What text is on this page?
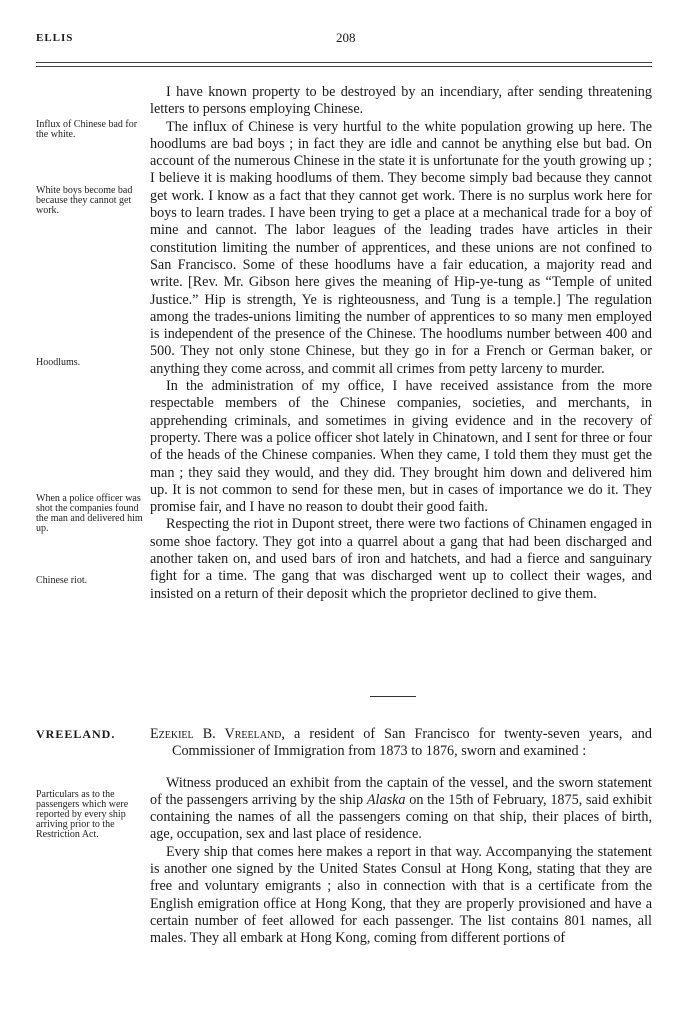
ELLIS	208
Influx of Chinese bad for the white.
White boys become bad because they cannot get work.
Hoodlums.
When a police officer was shot the companies found the man and delivered him up.
Chinese riot.
Particulars as to the passengers which were reported by every ship arriving prior to the Restriction Act.

I have known property to be destroyed by an incendiary, after sending threatening letters to persons employing Chinese.

The influx of Chinese is very hurtful to the white population growing up here. The hoodlums are bad boys ; in fact they are idle and cannot be anything else but bad. On account of the numerous Chinese in the state it is unfortunate for the youth growing up ; I believe it is making hoodlums of them. They become simply bad because they cannot get work. I know as a fact that they cannot get work. There is no surplus work here for boys to learn trades. I have been trying to get a place at a mechanical trade for a boy of mine and cannot. The labor leagues of the leading trades have articles in their constitution limiting the number of apprentices, and these unions are not confined to San Francisco. Some of these hoodlums have a fair education, a majority read and write. [Rev. Mr. Gibson here gives the meaning of Hip-ye-tung as “Temple of united Justice.” Hip is strength, Ye is righteousness, and Tung is a temple.] The regulation among the trades-unions limiting the number of apprentices to so many men employed is independent of the presence of the Chinese. The hoodlums number between 400 and 500. They not only stone Chinese, but they go in for a French or German baker, or anything they come across, and commit all crimes from petty larceny to murder.

In the administration of my office, I have received assistance from the more respectable members of the Chinese companies, societies, and merchants, in apprehending criminals, and sometimes in giving evidence and in the recovery of property. There was a police officer shot lately in Chinatown, and I sent for three or four of the heads of the Chinese companies. When they came, I told them they must get the man ; they said they would, and they did. They brought him down and delivered him up. It is not common to send for these men, but in cases of importance we do it. They promise fair, and I have no reason to doubt their good faith.

Respecting the riot in Dupont street, there were two factions of Chinamen engaged in some shoe factory. They got into a quarrel about a gang that had been discharged and another taken on, and used bars of iron and hatchets, and had a fierce and sanguinary fight for a time. The gang that was discharged went up to collect their wages, and insisted on a return of their deposit which the proprietor declined to give them.

VREELAND. Ezekiel B. Vreeland, a resident of San Francisco for twenty-seven years, and Commissioner of Immigration from 1873 to 1876, sworn and examined :

Witness produced an exhibit from the captain of the vessel, and the sworn statement of the passengers arriving by the ship Alaska on the 15th of February, 1875, said exhibit containing the names of all the passengers coming on that ship, their places of birth, age, occupation, sex and last place of residence.

Every ship that comes here makes a report in that way. Accompanying the statement is another one signed by the United States Consul at Hong Kong, stating that they are free and voluntary emigrants ; also in connection with that is a certificate from the English emigration office at Hong Kong, that they are properly provisioned and have a certain number of feet allowed for each passenger. The list contains 801 names, all males. They all embark at Hong Kong, coming from different portions of
